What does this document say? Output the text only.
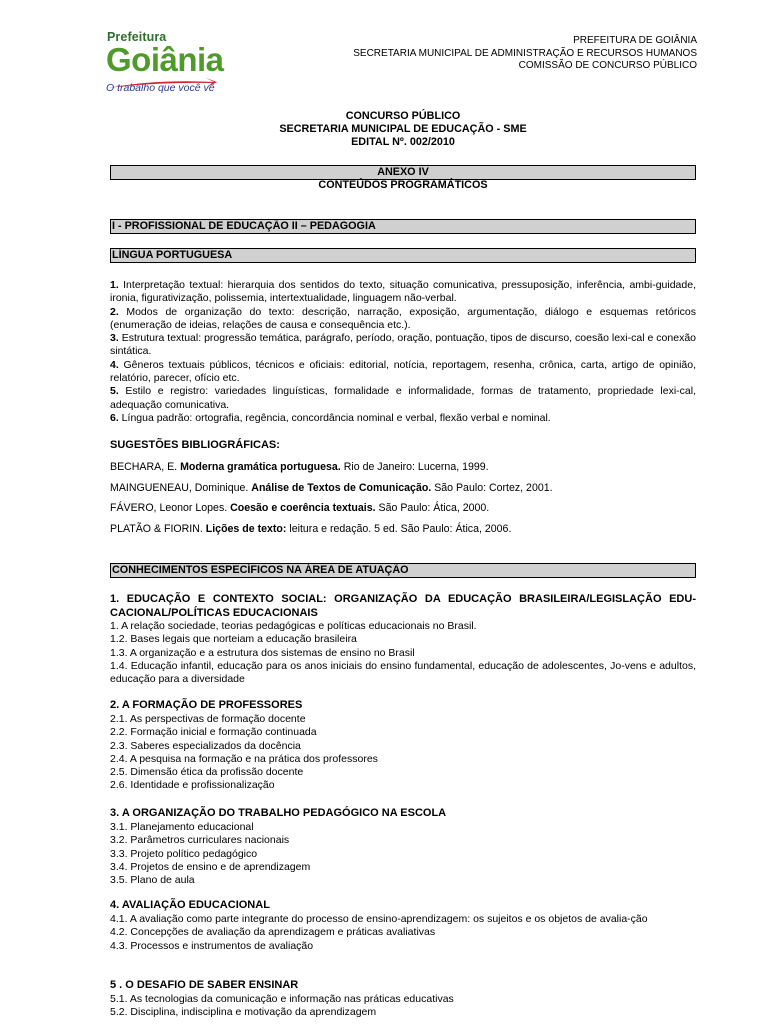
Prefeitura
Goiânia
O trabalho que você vê
PREFEITURA DE GOIÂNIA
SECRETARIA MUNICIPAL DE ADMINISTRAÇÃO E RECURSOS HUMANOS
COMISSÃO DE CONCURSO PÚBLICO
CONCURSO PÚBLICO
SECRETARIA MUNICIPAL DE EDUCAÇÃO - SME
EDITAL Nº. 002/2010
ANEXO IV
CONTEÚDOS PROGRAMÁTICOS
I - PROFISSIONAL DE EDUCAÇÃO II – PEDAGOGIA
LÍNGUA PORTUGUESA

1. Interpretação textual: hierarquia dos sentidos do texto, situação comunicativa, pressuposição, inferência, ambi-guidade, ironia, figurativização, polissemia, intertextualidade, linguagem não-verbal.

2. Modos de organização do texto: descrição, narração, exposição, argumentação, diálogo e esquemas retóricos (enumeração de ideias, relações de causa e consequência etc.).

3. Estrutura textual: progressão temática, parágrafo, período, oração, pontuação, tipos de discurso, coesão lexi-cal e conexão sintática.

4. Gêneros textuais públicos, técnicos e oficiais: editorial, notícia, reportagem, resenha, crônica, carta, artigo de opinião, relatório, parecer, ofício etc.

5. Estilo e registro: variedades linguísticas, formalidade e informalidade, formas de tratamento, propriedade lexi-cal, adequação comunicativa.

6. Língua padrão: ortografia, regência, concordância nominal e verbal, flexão verbal e nominal.

SUGESTÕES BIBLIOGRÁFICAS:
BECHARA, E. Moderna gramática portuguesa. Rio de Janeiro: Lucerna, 1999.
MAINGUENEAU, Dominique. Análise de Textos de Comunicação. São Paulo: Cortez, 2001.
FÁVERO, Leonor Lopes. Coesão e coerência textuais. São Paulo: Ática, 2000.
PLATÃO & FIORIN. Lições de texto: leitura e redação. 5 ed. São Paulo: Ática, 2006.
CONHECIMENTOS ESPECÍFICOS NA ÁREA DE ATUAÇÃO
1. EDUCAÇÃO E CONTEXTO SOCIAL: ORGANIZAÇÃO DA EDUCAÇÃO BRASILEIRA/LEGISLAÇÃO EDU-CACIONAL/POLÍTICAS EDUCACIONAIS

1. A relação sociedade, teorias pedagógicas e políticas educacionais no Brasil.

1.2. Bases legais que norteiam a educação brasileira

1.3. A organização e a estrutura dos sistemas de ensino no Brasil

1.4. Educação infantil, educação para os anos iniciais do ensino fundamental, educação de adolescentes, Jo-vens e adultos, educação para a diversidade

2. A FORMAÇÃO DE PROFESSORES

2.1. As perspectivas de formação docente

2.2. Formação inicial e formação continuada

2.3. Saberes especializados da docência

2.4. A pesquisa na formação e na prática dos professores

2.5. Dimensão ética da profissão docente

2.6. Identidade e profissionalização

3. A ORGANIZAÇÃO DO TRABALHO PEDAGÓGICO NA ESCOLA

3.1. Planejamento educacional

3.2. Parâmetros curriculares nacionais

3.3. Projeto político pedagógico

3.4. Projetos de ensino e de aprendizagem

3.5. Plano de aula

4. AVALIAÇÃO EDUCACIONAL

4.1. A avaliação como parte integrante do processo de ensino-aprendizagem: os sujeitos e os objetos de avalia-ção

4.2. Concepções de avaliação da aprendizagem e práticas avaliativas

4.3. Processos e instrumentos de avaliação

5 . O DESAFIO DE SABER ENSINAR

5.1. As tecnologias da comunicação e informação nas práticas educativas

5.2. Disciplina, indisciplina e motivação da aprendizagem
